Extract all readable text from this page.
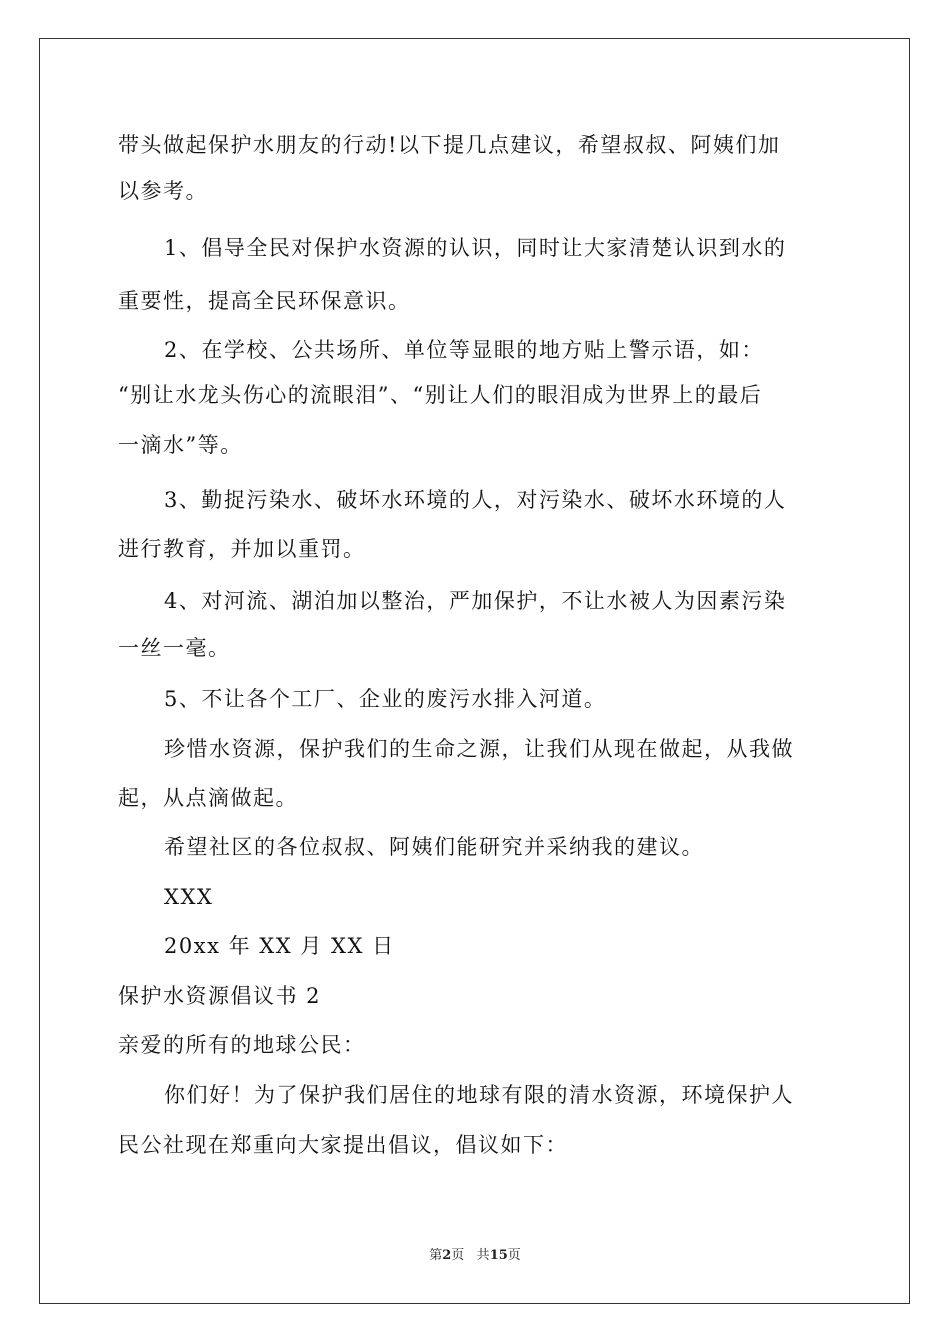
带头做起保护水朋友的行动!以下提几点建议，希望叔叔、阿姨们加
以参考。
1、倡导全民对保护水资源的认识，同时让大家清楚认识到水的
重要性，提高全民环保意识。
2、在学校、公共场所、单位等显眼的地方贴上警示语，如：
“别让水龙头伤心的流眼泪”、“别让人们的眼泪成为世界上的最后
一滴水”等。
3、勤捉污染水、破坏水环境的人，对污染水、破坏水环境的人
进行教育，并加以重罚。
4、对河流、湖泊加以整治，严加保护，不让水被人为因素污染
一丝一毫。
5、不让各个工厂、企业的废污水排入河道。
珍惜水资源，保护我们的生命之源，让我们从现在做起，从我做
起，从点滴做起。
希望社区的各位叔叔、阿姨们能研究并采纳我的建议。
XXX
20xx 年 XX 月 XX 日
保护水资源倡议书 2
亲爱的所有的地球公民：
你们好！为了保护我们居住的地球有限的清水资源，环境保护人
民公社现在郑重向大家提出倡议，倡议如下：
第2页 共15页
